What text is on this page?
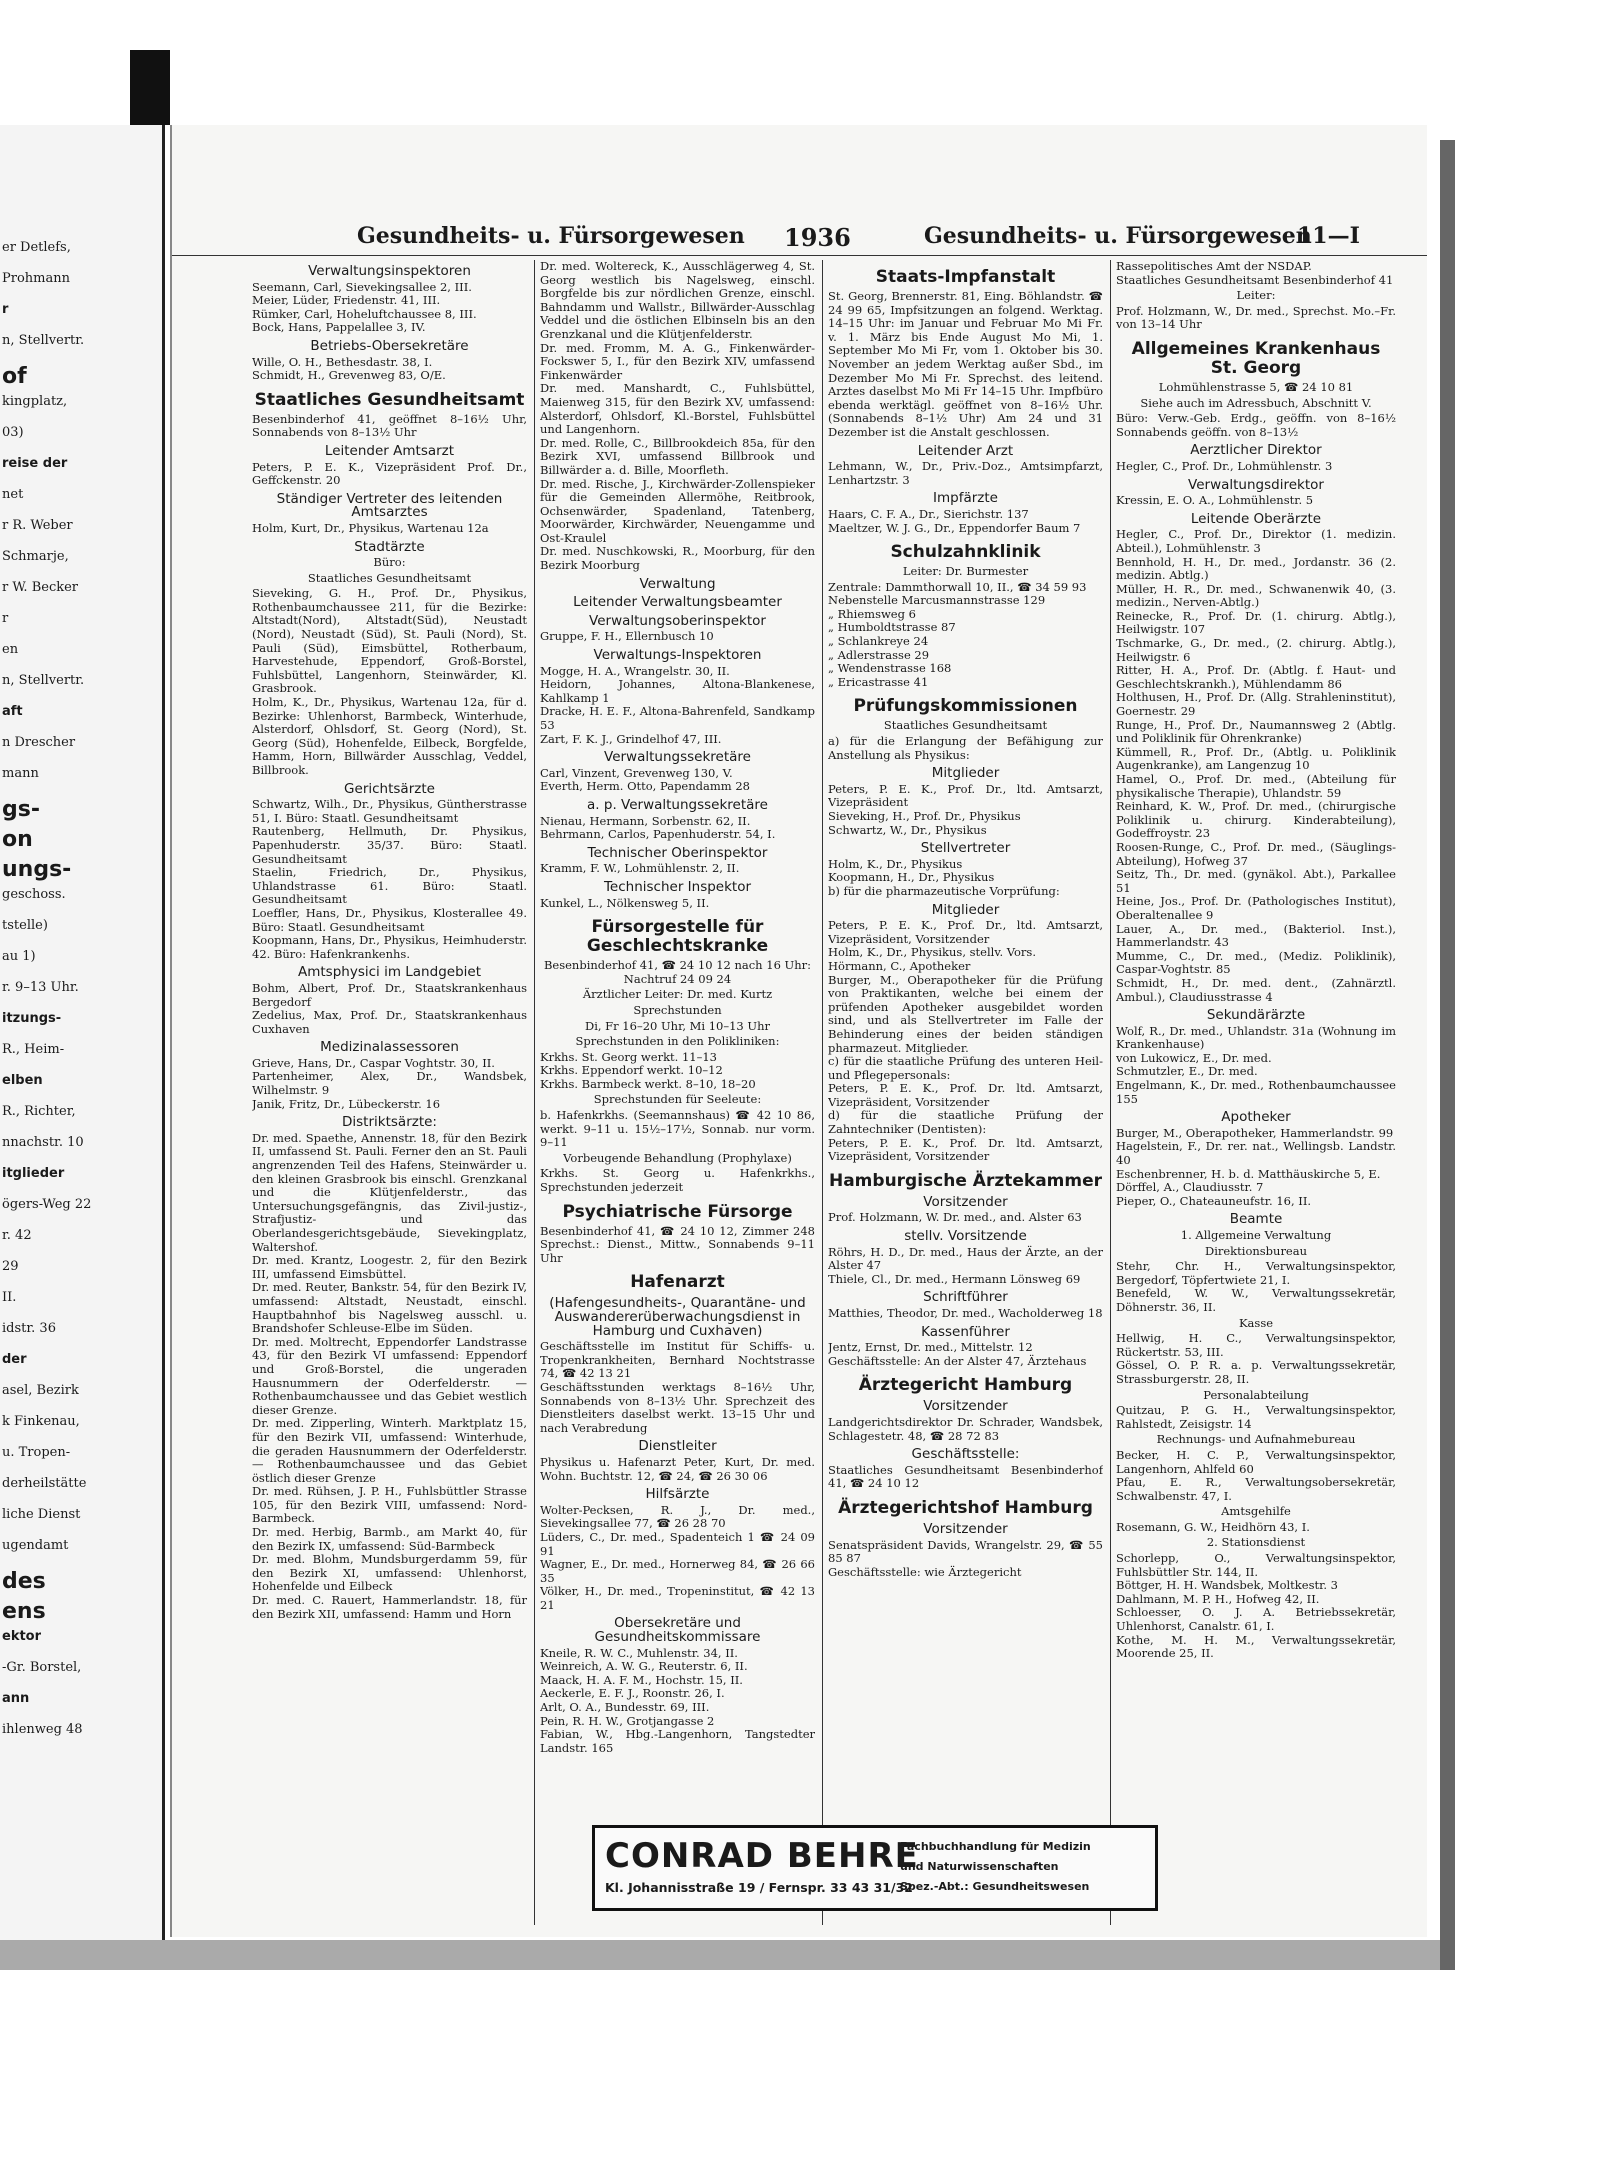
er Detlefs,
Prohmann
r
n, Stellvertr.
of
kingplatz,
03)
reise der
net
r R. Weber
Schmarje,
r W. Becker
r
en
n, Stellvertr.
aft
n Drescher
mann
gs-
on
ungs-
geschoss.
tstelle)
au 1)
r. 9–13 Uhr.
itzungs-
R., Heim-
elben
R., Richter,
nnachstr. 10
itglieder
ögers-Weg 22
r. 42
29
II.
idstr. 36
der
asel, Bezirk
k Finkenau,
u. Tropen-
derheilstätte
liche Dienst
ugendamt
des
ens
ektor
-Gr. Borstel,
ann
ihlenweg 48
Gesundheits- u. Fürsorgewesen 1936	Gesundheits- u. Fürsorgewesen
11—I
Verwaltungsinspektoren
Seemann, Carl, Sievekingsallee 2, III.
Meier, Lüder, Friedenstr. 41, III.
Rümker, Carl, Hoheluftchaussee 8, III.
Bock, Hans, Pappelallee 3, IV.
Betriebs-Obersekretäre
Wille, O. H., Bethesdastr. 38, I.
Schmidt, H., Grevenweg 83, O/E.
Staatliches Gesundheitsamt
Besenbinderhof 41, geöffnet 8–16½ Uhr, Sonnabends von 8–13½ Uhr
Leitender Amtsarzt
Peters, P. E. K., Vizepräsident Prof. Dr., Geffckenstr. 20
Ständiger Vertreter des leitenden Amtsarztes
Holm, Kurt, Dr., Physikus, Wartenau 12a
Stadtärzte
Büro:
Staatliches Gesundheitsamt
Sieveking, G. H., Prof. Dr., Physikus, Rothenbaumchaussee 211, für die Bezirke: Altstadt(Nord), Altstadt(Süd), Neustadt (Nord), Neustadt (Süd), St. Pauli (Nord), St. Pauli (Süd), Eimsbüttel, Rotherbaum, Harvestehude, Eppendorf, Groß-Borstel, Fuhlsbüttel, Langenhorn, Steinwärder, Kl. Grasbrook.
Holm, K., Dr., Physikus, Wartenau 12a, für d. Bezirke: Uhlenhorst, Barmbeck, Winterhude, Alsterdorf, Ohlsdorf, St. Georg (Nord), St. Georg (Süd), Hohenfelde, Eilbeck, Borgfelde, Hamm, Horn, Billwärder Ausschlag, Veddel, Billbrook.
Gerichtsärzte
Schwartz, Wilh., Dr., Physikus, Güntherstrasse 51, I. Büro: Staatl. Gesundheitsamt
Rautenberg, Hellmuth, Dr. Physikus, Papenhuderstr. 35/37. Büro: Staatl. Gesundheitsamt
Staelin, Friedrich, Dr., Physikus, Uhlandstrasse 61. Büro: Staatl. Gesundheitsamt
Loeffler, Hans, Dr., Physikus, Klosterallee 49. Büro: Staatl. Gesundheitsamt
Koopmann, Hans, Dr., Physikus, Heimhuderstr. 42. Büro: Hafenkrankenhs.
Amtsphysici im Landgebiet
Bohm, Albert, Prof. Dr., Staatskrankenhaus Bergedorf
Zedelius, Max, Prof. Dr., Staatskrankenhaus Cuxhaven
Medizinalassessoren
Grieve, Hans, Dr., Caspar Voghtstr. 30, II.
Partenheimer, Alex, Dr., Wandsbek, Wilhelmstr. 9
Janik, Fritz, Dr., Lübeckerstr. 16
Distriktsärzte:
Dr. med. Spaethe, Annenstr. 18, für den Bezirk II, umfassend St. Pauli. Ferner den an St. Pauli angrenzenden Teil des Hafens, Steinwärder u. den kleinen Grasbrook bis einschl. Grenzkanal und die Klütjenfelderstr., das Untersuchungsgefängnis, das Zivil-justiz-, Strafjustiz- und das Oberlandesgerichtsgebäude, Sievekingplatz, Waltershof.
Dr. med. Krantz, Loogestr. 2, für den Bezirk III, umfassend Eimsbüttel.
Dr. med. Reuter, Bankstr. 54, für den Bezirk IV, umfassend: Altstadt, Neustadt, einschl. Hauptbahnhof bis Nagelsweg ausschl. u. Brandshofer Schleuse-Elbe im Süden.
Dr. med. Moltrecht, Eppendorfer Landstrasse 43, für den Bezirk VI umfassend: Eppendorf und Groß-Borstel, die ungeraden Hausnummern der Oderfelderstr. — Rothenbaumchaussee und das Gebiet westlich dieser Grenze.
Dr. med. Zipperling, Winterh. Marktplatz 15, für den Bezirk VII, umfassend: Winterhude, die geraden Hausnummern der Oderfelderstr. — Rothenbaumchaussee und das Gebiet östlich dieser Grenze
Dr. med. Rühsen, J. P. H., Fuhlsbüttler Strasse 105, für den Bezirk VIII, umfassend: Nord-Barmbeck.
Dr. med. Herbig, Barmb., am Markt 40, für den Bezirk IX, umfassend: Süd-Barmbeck
Dr. med. Blohm, Mundsburgerdamm 59, für den Bezirk XI, umfassend: Uhlenhorst, Hohenfelde und Eilbeck
Dr. med. C. Rauert, Hammerlandstr. 18, für den Bezirk XII, umfassend: Hamm und Horn
Dr. med. Woltereck, K., Ausschlägerweg 4, St. Georg westlich bis Nagelsweg, einschl. Borgfelde bis zur nördlichen Grenze, einschl. Bahndamm und Wallstr., Billwärder-Ausschlag Veddel und die östlichen Elbinseln bis an den Grenzkanal und die Klütjenfelderstr.
Dr. med. Fromm, M. A. G., Finkenwärder-Fockswег 5, I., für den Bezirk XIV, umfassend Finkenwärder
Dr. med. Manshardt, C., Fuhlsbüttel, Maienweg 315, für den Bezirk XV, umfassend: Alsterdorf, Ohlsdorf, Kl.-Borstel, Fuhlsbüttel und Langenhorn.
Dr. med. Rolle, C., Billbrookdeich 85a, für den Bezirk XVI, umfassend Billbrook und Billwärder a. d. Bille, Moorfleth.
Dr. med. Rische, J., Kirchwärder-Zollenspieker für die Gemeinden Allermöhe, Reitbrook, Ochsenwärder, Spadenland, Tatenberg, Moorwärder, Kirchwärder, Neuengamme und Ost-Kraulel
Dr. med. Nuschkowski, R., Moorburg, für den Bezirk Moorburg
Verwaltung
Leitender Verwaltungsbeamter
Verwaltungsoberinspektor
Gruppe, F. H., Ellernbusch 10
Verwaltungs-Inspektoren
Mogge, H. A., Wrangelstr. 30, II.
Heidorn, Johannes, Altona-Blankenese, Kahlkamp 1
Dracke, H. E. F., Altona-Bahrenfeld, Sandkamp 53
Zart, F. K. J., Grindelhof 47, III.
Verwaltungssekretäre
Carl, Vinzent, Grevenweg 130, V.
Everth, Herm. Otto, Papendamm 28
a. p. Verwaltungssekretäre
Nienau, Hermann, Sorbenstr. 62, II.
Behrmann, Carlos, Papenhuderstr. 54, I.
Technischer Oberinspektor
Kramm, F. W., Lohmühlenstr. 2, II.
Technischer Inspektor
Kunkel, L., Nölkensweg 5, II.
Fürsorgestelle für Geschlechtskranke
Besenbinderhof 41, ☎ 24 10 12 nach 16 Uhr: Nachtruf 24 09 24
Ärztlicher Leiter: Dr. med. Kurtz
Sprechstunden
Di, Fr 16–20 Uhr, Mi 10–13 Uhr
Sprechstunden in den Polikliniken:
Krkhs. St. Georg werkt. 11–13
Krkhs. Eppendorf werkt. 10–12
Krkhs. Barmbeck werkt. 8–10, 18–20
Sprechstunden für Seeleute:
b. Hafenkrkhs. (Seemannshaus) ☎ 42 10 86, werkt. 9–11 u. 15½–17½, Sonnab. nur vorm. 9–11
Vorbeugende Behandlung (Prophylaxe)
Krkhs. St. Georg u. Hafenkrkhs., Sprechstunden jederzeit
Psychiatrische Fürsorge
Besenbinderhof 41, ☎ 24 10 12, Zimmer 248 Sprechst.: Dienst., Mittw., Sonnabends 9–11 Uhr
Hafenarzt
(Hafengesundheits-, Quarantäne- und Auswandererüberwachungsdienst in Hamburg und Cuxhaven)
Geschäftsstelle im Institut für Schiffs- u. Tropenkrankheiten, Bernhard Nochtstrasse 74, ☎ 42 13 21
Geschäftsstunden werktags 8–16½ Uhr, Sonnabends von 8–13½ Uhr. Sprechzeit des Dienstleiters daselbst werkt. 13–15 Uhr und nach Verabredung
Dienstleiter
Physikus u. Hafenarzt Peter, Kurt, Dr. med. Wohn. Buchtstr. 12, ☎ 24, ☎ 26 30 06
Hilfsärzte
Wolter-Pecksen, R. J., Dr. med., Sievekingsallee 77, ☎ 26 28 70
Lüders, C., Dr. med., Spadenteich 1 ☎ 24 09 91
Wagner, E., Dr. med., Hornerweg 84, ☎ 26 66 35
Völker, H., Dr. med., Tropeninstitut, ☎ 42 13 21
Obersekretäre und Gesundheitskommissare
Kneile, R. W. C., Muhlenstr. 34, II.
Weinreich, A. W. G., Reuterstr. 6, II.
Maack, H. A. F. M., Hochstr. 15, II.
Aeckerle, E. F. J., Roonstr. 26, I.
Arlt, O. A., Bundesstr. 69, III.
Pein, R. H. W., Grotjangasse 2
Fabian, W., Hbg.-Langenhorn, Tangstedter Landstr. 165
Staats-Impfanstalt
St. Georg, Brennerstr. 81, Eing. Böhlandstr. ☎ 24 99 65, Impfsitzungen an folgend. Werktag. 14–15 Uhr: im Januar und Februar Mo Mi Fr. v. 1. März bis Ende August Mo Mi, 1. September Mo Mi Fr, vom 1. Oktober bis 30. November an jedem Werktag außer Sbd., im Dezember Mo Mi Fr. Sprechst. des leitend. Arztes daselbst Mo Mi Fr 14–15 Uhr. Impfbüro ebenda werktägl. geöffnet von 8–16½ Uhr. (Sonnabends 8–1½ Uhr) Am 24 und 31 Dezember ist die Anstalt geschlossen.
Leitender Arzt
Lehmann, W., Dr., Priv.-Doz., Amtsimpfarzt, Lenhartzstr. 3
Impfärzte
Haars, C. F. A., Dr., Sierichstr. 137
Maeltzer, W. J. G., Dr., Eppendorfer Baum 7
Schulzahnklinik
Leiter: Dr. Burmester
Zentrale: Dammthorwall 10, II., ☎ 34 59 93
Nebenstelle Marcusmannstrasse 129
„ Rhiemsweg 6
„ Humboldtstrasse 87
„ Schlankreye 24
„ Adlerstrasse 29
„ Wendenstrasse 168
„ Ericastrasse 41
Prüfungskommissionen
Staatliches Gesundheitsamt
a) für die Erlangung der Befähigung zur Anstellung als Physikus:
Mitglieder
Peters, P. E. K., Prof. Dr., ltd. Amtsarzt, Vizepräsident
Sieveking, H., Prof. Dr., Physikus
Schwartz, W., Dr., Physikus
Stellvertreter
Holm, K., Dr., Physikus
Koopmann, H., Dr., Physikus
b) für die pharmazeutische Vorprüfung:
Mitglieder
Peters, P. E. K., Prof. Dr., ltd. Amtsarzt, Vizepräsident, Vorsitzender
Holm, K., Dr., Physikus, stellv. Vors.
Hörmann, C., Apotheker
Burger, M., Oberapotheker für die Prüfung von Praktikanten, welche bei einem der prüfenden Apotheker ausgebildet worden sind, und als Stellvertreter im Falle der Behinderung eines der beiden ständigen pharmazeut. Mitglieder.
c) für die staatliche Prüfung des unteren Heil- und Pflegepersonals:
Peters, P. E. K., Prof. Dr. ltd. Amtsarzt, Vizepräsident, Vorsitzender
d) für die staatliche Prüfung der Zahntechniker (Dentisten):
Peters, P. E. K., Prof. Dr. ltd. Amtsarzt, Vizepräsident, Vorsitzender
Hamburgische Ärztekammer
Vorsitzender
Prof. Holzmann, W. Dr. med., and. Alster 63
stellv. Vorsitzende
Röhrs, H. D., Dr. med., Haus der Ärzte, an der Alster 47
Thiele, Cl., Dr. med., Hermann Lönsweg 69
Schriftführer
Matthies, Theodor, Dr. med., Wacholderweg 18
Kassenführer
Jentz, Ernst, Dr. med., Mittelstr. 12
Geschäftsstelle: An der Alster 47, Ärztehaus
Ärztegericht Hamburg
Vorsitzender
Landgerichtsdirektor Dr. Schrader, Wandsbek, Schlagestetr. 48, ☎ 28 72 83
Geschäftsstelle:
Staatliches Gesundheitsamt Besenbinderhof 41, ☎ 24 10 12
Ärztegerichtshof Hamburg
Vorsitzender
Senatspräsident Davids, Wrangelstr. 29, ☎ 55 85 87
Geschäftsstelle: wie Ärztegericht
Rassepolitisches Amt der NSDAP.
Staatliches Gesundheitsamt Besenbinderhof 41
Leiter:
Prof. Holzmann, W., Dr. med., Sprechst. Mo.–Fr. von 13–14 Uhr
Allgemeines Krankenhaus St. Georg
Lohmühlenstrasse 5, ☎ 24 10 81
Siehe auch im Adressbuch, Abschnitt V.
Büro: Verw.-Geb. Erdg., geöffn. von 8–16½ Sonnabends geöffn. von 8–13½
Aerztlicher Direktor
Hegler, C., Prof. Dr., Lohmühlenstr. 3
Verwaltungsdirektor
Kressin, E. O. A., Lohmühlenstr. 5
Leitende Oberärzte
Hegler, C., Prof. Dr., Direktor (1. medizin. Abteil.), Lohmühlenstr. 3
Bennhold, H. H., Dr. med., Jordanstr. 36 (2. medizin. Abtlg.)
Müller, H. R., Dr. med., Schwanenwik 40, (3. medizin., Nerven-Abtlg.)
Reinecke, R., Prof. Dr. (1. chirurg. Abtlg.), Heilwigstr. 107
Tschmarke, G., Dr. med., (2. chirurg. Abtlg.), Heilwigstr. 6
Ritter, H. A., Prof. Dr. (Abtlg. f. Haut- und Geschlechtskrankh.), Mühlendamm 86
Holthusen, H., Prof. Dr. (Allg. Strahleninstitut), Goernestr. 29
Runge, H., Prof. Dr., Naumannsweg 2 (Abtlg. und Poliklinik für Ohrenkranke)
Kümmell, R., Prof. Dr., (Abtlg. u. Poliklinik Augenkranke), am Langenzug 10
Hamel, O., Prof. Dr. med., (Abteilung für physikalische Therapie), Uhlandstr. 59
Reinhard, K. W., Prof. Dr. med., (chirurgische Poliklinik u. chirurg. Kinderabteilung), Godeffroystr. 23
Roosen-Runge, C., Prof. Dr. med., (Säuglings-Abteilung), Hofweg 37
Seitz, Th., Dr. med. (gynäkol. Abt.), Parkallee 51
Heine, Jos., Prof. Dr. (Pathologisches Institut), Oberaltenallee 9
Lauer, A., Dr. med., (Bakteriol. Inst.), Hammerlandstr. 43
Mumme, C., Dr. med., (Mediz. Poliklinik), Caspar-Voghtstr. 85
Schmidt, H., Dr. med. dent., (Zahnärztl. Ambul.), Claudiusstrasse 4
Sekundärärzte
Wolf, R., Dr. med., Uhlandstr. 31a (Wohnung im Krankenhause)
von Lukowicz, E., Dr. med.
Schmutzler, E., Dr. med.
Engelmann, K., Dr. med., Rothenbaumchaussee 155
Apotheker
Burger, M., Oberapotheker, Hammerlandstr. 99
Hagelstein, F., Dr. rer. nat., Wellingsb. Landstr. 40
Eschenbrenner, H. b. d. Matthäuskirche 5, E.
Dörffel, A., Claudiusstr. 7
Pieper, O., Chateauneufstr. 16, II.
Beamte
1. Allgemeine Verwaltung
Direktionsbureau
Stehr, Chr. H., Verwaltungsinspektor, Bergedorf, Töpfertwiete 21, I.
Benefeld, W. W., Verwaltungssekretär, Döhnerstr. 36, II.
Kasse
Hellwig, H. C., Verwaltungsinspektor, Rückertstr. 53, III.
Gössel, O. P. R. a. p. Verwaltungssekretär, Strassburgerstr. 28, II.
Personalabteilung
Quitzau, P. G. H., Verwaltungsinspektor, Rahlstedt, Zeisigstr. 14
Rechnungs- und Aufnahmebureau
Becker, H. C. P., Verwaltungsinspektor, Langenhorn, Ahlfeld 60
Pfau, E. R., Verwaltungsobersekretär, Schwalbenstr. 47, I.
Amtsgehilfe
Rosemann, G. W., Heidhörn 43, I.
2. Stationsdienst
Schorlepp, O., Verwaltungsinspektor, Fuhlsbüttler Str. 144, II.
Böttger, H. H. Wandsbek, Moltkestr. 3
Dahlmann, M. P. H., Hofweg 42, II.
Schloesser, O. J. A. Betriebssekretär, Uhlenhorst, Canalstr. 61, I.
Kothe, M. H. M., Verwaltungssekretär, Moorende 25, II.
CONRAD BEHRE
Kl. Johannisstraße 19 / Fernspr. 33 43 31/32
Fachbuchhandlung für Medizin
und Naturwissenschaften
Spez.-Abt.: Gesundheitswesen
